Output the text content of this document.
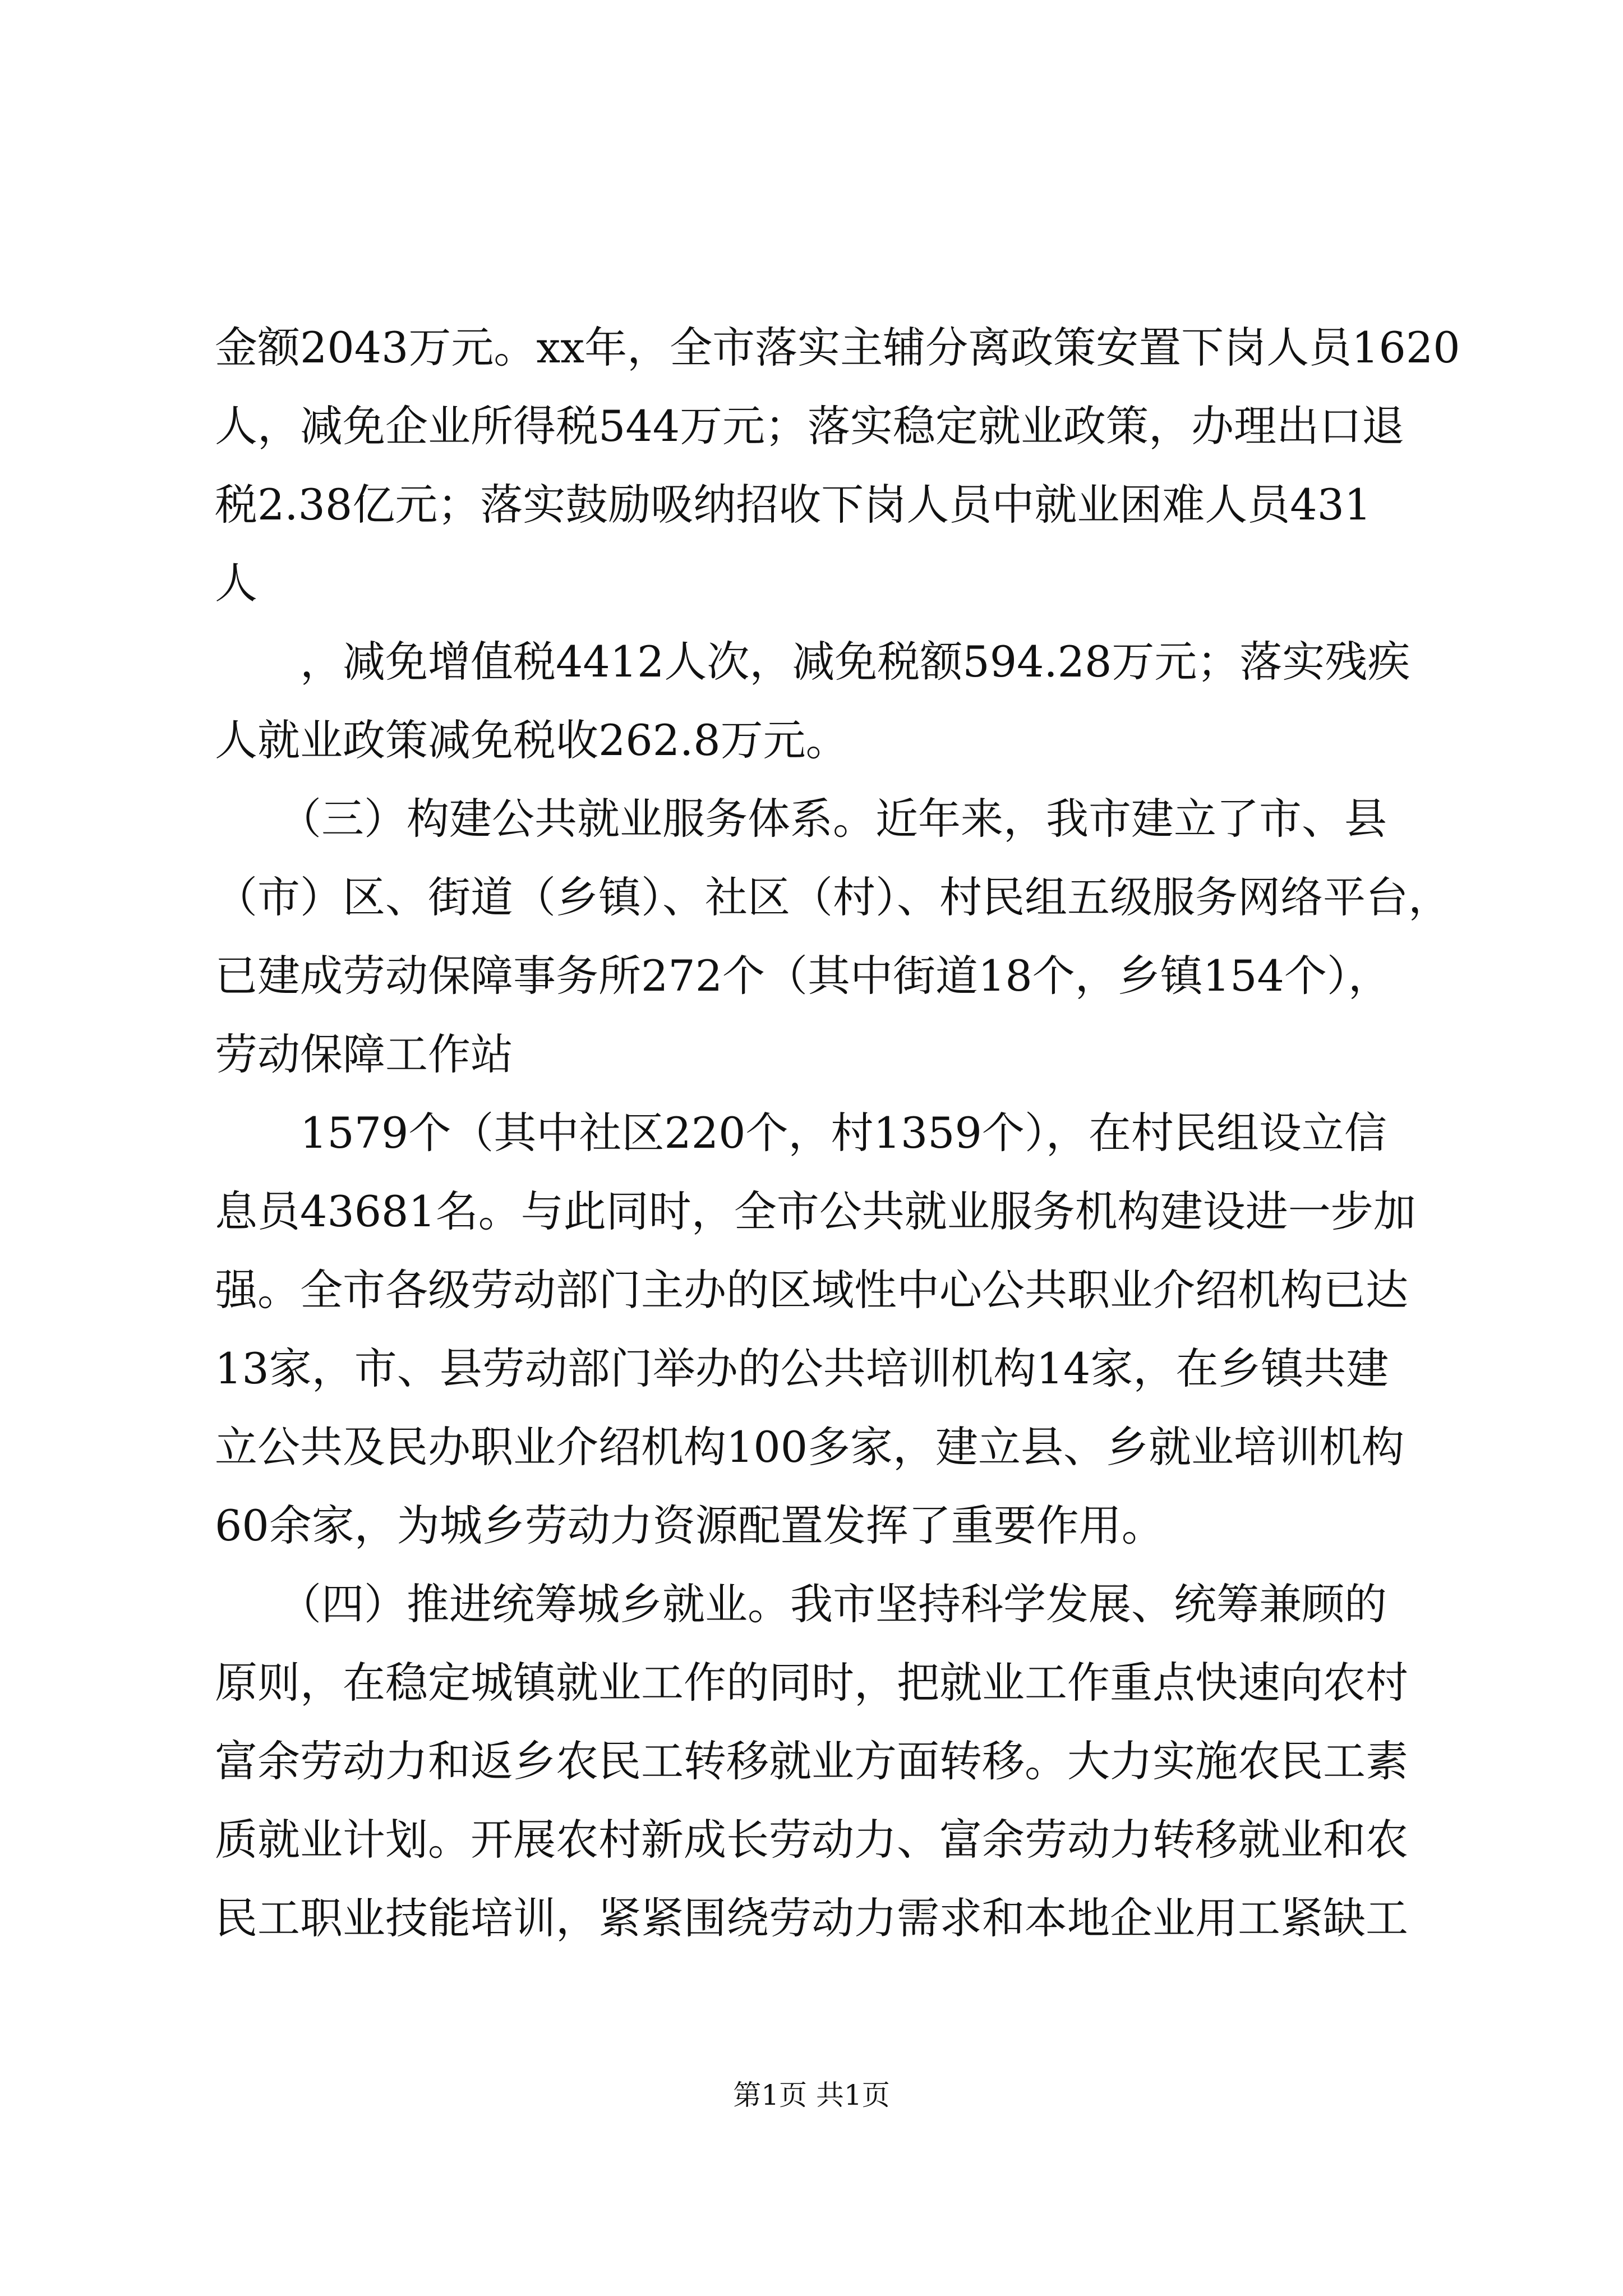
金额2043万元。xx年，全市落实主辅分离政策安置下岗人员1620
人，减免企业所得税544万元；落实稳定就业政策，办理出口退
税2.38亿元；落实鼓励吸纳招收下岗人员中就业困难人员431
人
　　，减免增值税4412人次，减免税额594.28万元；落实残疾
人就业政策减免税收262.8万元。
　　（三）构建公共就业服务体系。近年来，我市建立了市、县
（市）区、街道（乡镇）、社区（村）、村民组五级服务网络平台，
已建成劳动保障事务所272个（其中街道18个，乡镇154个），
劳动保障工作站
　　1579个（其中社区220个，村1359个），在村民组设立信
息员43681名。与此同时，全市公共就业服务机构建设进一步加
强。全市各级劳动部门主办的区域性中心公共职业介绍机构已达
13家，市、县劳动部门举办的公共培训机构14家，在乡镇共建
立公共及民办职业介绍机构100多家，建立县、乡就业培训机构
60余家，为城乡劳动力资源配置发挥了重要作用。
　　（四）推进统筹城乡就业。我市坚持科学发展、统筹兼顾的
原则，在稳定城镇就业工作的同时，把就业工作重点快速向农村
富余劳动力和返乡农民工转移就业方面转移。大力实施农民工素
质就业计划。开展农村新成长劳动力、富余劳动力转移就业和农
民工职业技能培训，紧紧围绕劳动力需求和本地企业用工紧缺工
第1页 共1页
